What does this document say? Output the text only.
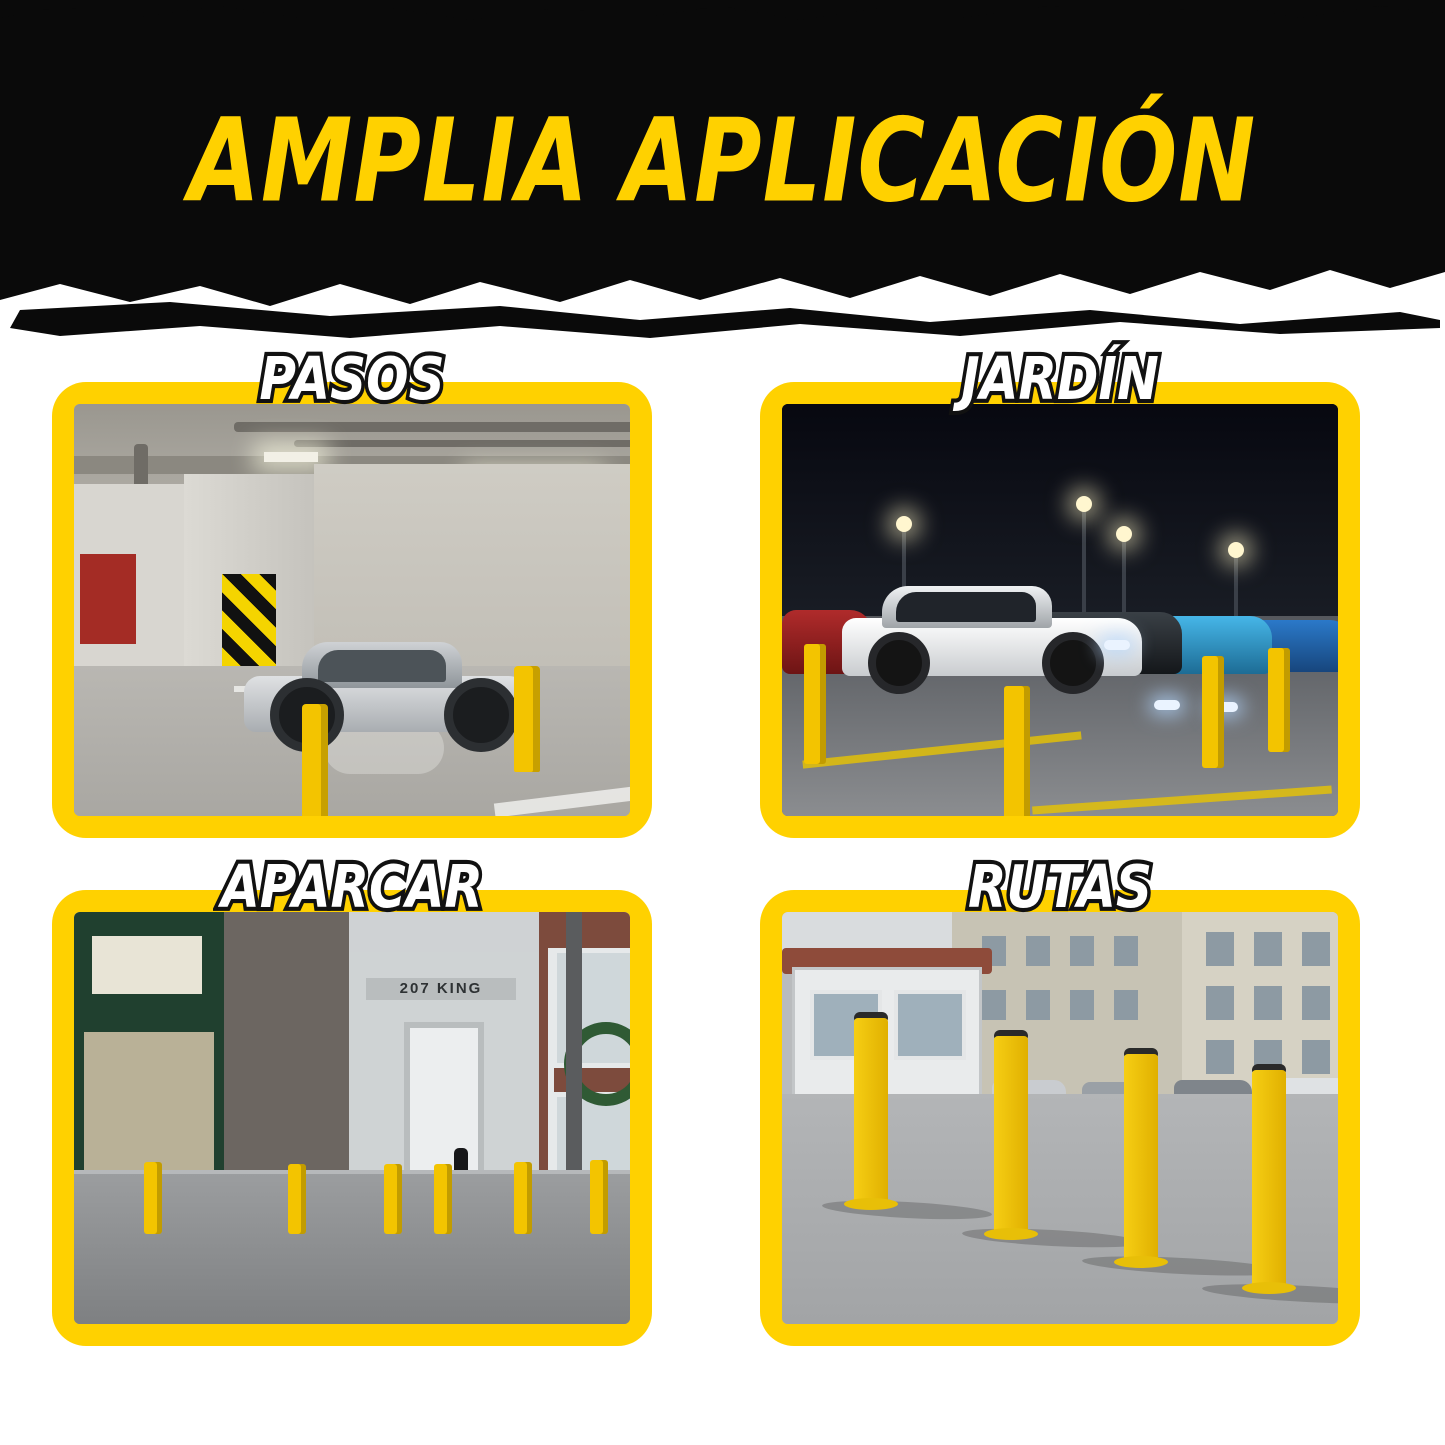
AMPLIA APLICACIÓN
PASOS	JARDÍN
207 KING
APARCAR	RUTAS
